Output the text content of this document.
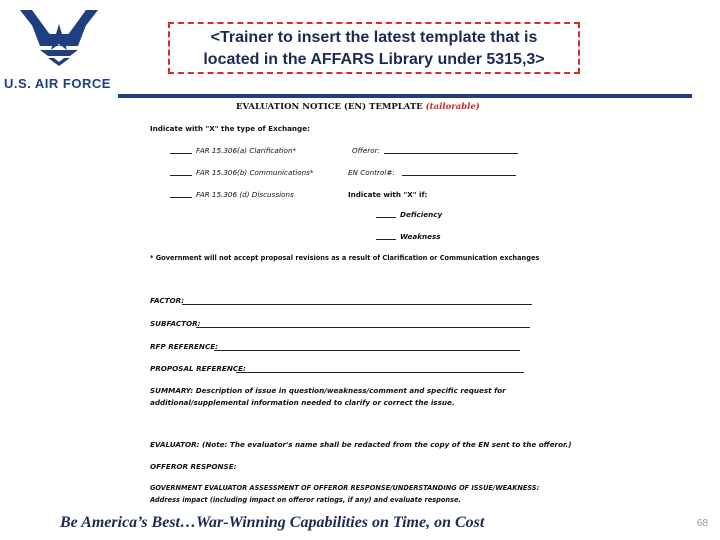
U.S. AIR FORCE
<Trainer to insert the latest template that is
located in the AFFARS Library under 5315,3>
EVALUATION NOTICE (EN) TEMPLATE (tailorable)
Indicate with "X" the type of Exchange:
FAR 15.306(a) Clarification*
FAR 15.306(b) Communications*
FAR 15.306 (d) Discussions
Offeror:
EN Control#:
Indicate with "X" if:
Deficiency
Weakness
* Government will not accept proposal revisions as a result of Clarification or Communication exchanges
FACTOR:
SUBFACTOR:
RFP REFERENCE:
PROPOSAL REFERENCE:
SUMMARY: Description of issue in question/weakness/comment and specific request for
additional/supplemental information needed to clarify or correct the issue.
EVALUATOR: (Note: The evaluator's name shall be redacted from the copy of the EN sent to the offeror.)
OFFEROR RESPONSE:
GOVERNMENT EVALUATOR ASSESSMENT OF OFFEROR RESPONSE/UNDERSTANDING OF ISSUE/WEAKNESS:
Address impact (including impact on offeror ratings, if any) and evaluate response.
Be America’s Best…War-Winning Capabilities on Time, on Cost	68
